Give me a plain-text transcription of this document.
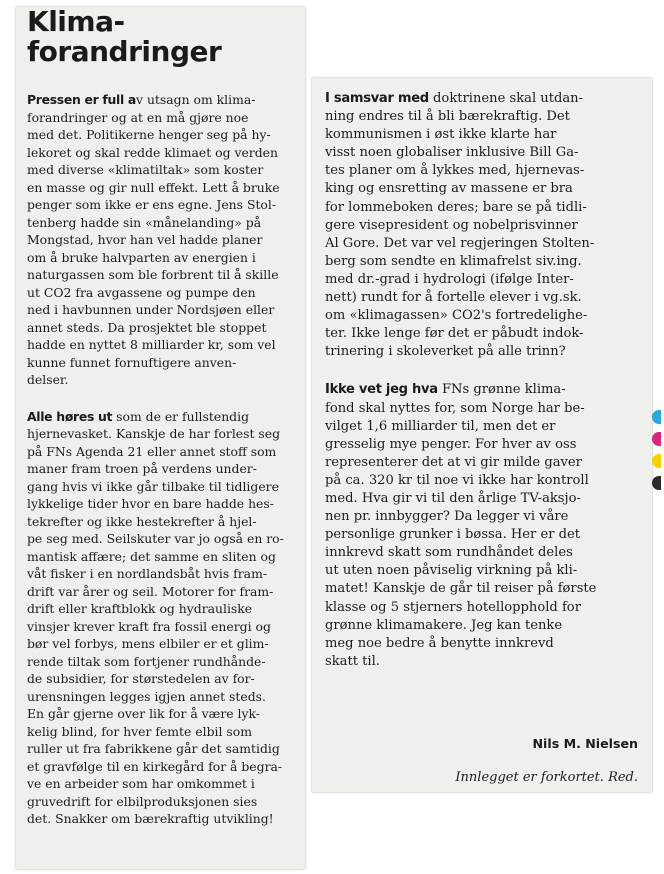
Klima-
forandringer
Pressen er full av utsagn om klima-
forandringer og at en må gjøre noe
med det. Politikerne henger seg på hy-
lekoret og skal redde klimaet og verden
med diverse «klimatiltak» som koster
en masse og gir null effekt. Lett å bruke
penger som ikke er ens egne. Jens Stol-
tenberg hadde sin «månelanding» på
Mongstad, hvor han vel hadde planer
om å bruke halvparten av energien i
naturgassen som ble forbrent til å skille
ut CO2 fra avgassene og pumpe den
ned i havbunnen under Nordsjøen eller
annet steds. Da prosjektet ble stoppet
hadde en nyttet 8 milliarder kr, som vel
kunne funnet fornuftigere anven-
delser.
Alle høres ut som de er fullstendig
hjernevasket. Kanskje de har forlest seg
på FNs Agenda 21 eller annet stoff som
maner fram troen på verdens under-
gang hvis vi ikke går tilbake til tidligere
lykkelige tider hvor en bare hadde hes-
tekrefter og ikke hestekrefter å hjel-
pe seg med. Seilskuter var jo også en ro-
mantisk affære; det samme en sliten og
våt fisker i en nordlandsbåt hvis fram-
drift var årer og seil. Motorer for fram-
drift eller kraftblokk og hydrauliske
vinsjer krever kraft fra fossil energi og
bør vel forbys, mens elbiler er et glim-
rende tiltak som fortjener rundhånde-
de subsidier, for størstedelen av for-
urensningen legges igjen annet steds.
En går gjerne over lik for å være lyk-
kelig blind, for hver femte elbil som
ruller ut fra fabrikkene går det samtidig
et gravfølge til en kirkegård for å begra-
ve en arbeider som har omkommet i
gruvedrift for elbilproduksjonen sies
det. Snakker om bærekraftig utvikling!
I samsvar med doktrinene skal utdan-
ning endres til å bli bærekraftig. Det
kommunismen i øst ikke klarte har
visst noen globaliser inklusive Bill Ga-
tes planer om å lykkes med, hjernevas-
king og ensretting av massene er bra
for lommeboken deres; bare se på tidli-
gere visepresident og nobelprisvinner
Al Gore. Det var vel regjeringen Stolten-
berg som sendte en klimafrelst siv.ing.
med dr.-grad i hydrologi (ifølge Inter-
nett) rundt for å fortelle elever i vg.sk.
om «klimagassen» CO2's fortredelighe-
ter. Ikke lenge før det er påbudt indok-
trinering i skoleverket på alle trinn?
Ikke vet jeg hva FNs grønne klima-
fond skal nyttes for, som Norge har be-
vilget 1,6 milliarder til, men det er
gresselig mye penger. For hver av oss
representerer det at vi gir milde gaver
på ca. 320 kr til noe vi ikke har kontroll
med. Hva gir vi til den årlige TV-aksjo-
nen pr. innbygger? Da legger vi våre
personlige grunker i bøssa. Her er det
innkrevd skatt som rundhåndet deles
ut uten noen påviselig virkning på kli-
matet! Kanskje de går til reiser på første
klasse og 5 stjerners hotellopphold for
grønne klimamakere. Jeg kan tenke
meg noe bedre å benytte innkrevd
skatt til.
Nils M. Nielsen
Innlegget er forkortet. Red.
